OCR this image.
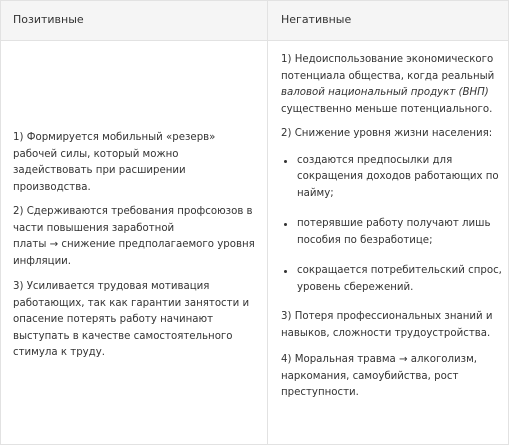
Позитивные	Негативные

1) Формируется мобильный «резерв» рабочей силы, который можно задействовать при расширении производства.

2) Сдерживаются требования профсоюзов в части повышения заработной

платы → снижение предполагаемого уровня инфляции.

3) Усиливается трудовая мотивация работающих, так как гарантии занятости и опасение потерять работу начинают выступать в качестве самостоятельного стимула к труду.

1) Недоиспользование экономического потенциала общества, когда реальный валовой национальный продукт (ВНП) существенно меньше потенциального.

2) Снижение уровня жизни населения:

создаются предпосылки для сокращения доходов работающих по найму;
потерявшие работу получают лишь пособия по безработице;
сокращается потребительский спрос, уровень сбережений.

3) Потеря профессиональных знаний и навыков, сложности трудоустройства.

4) Моральная травма → алкоголизм, наркомания, самоубийства, рост преступности.
